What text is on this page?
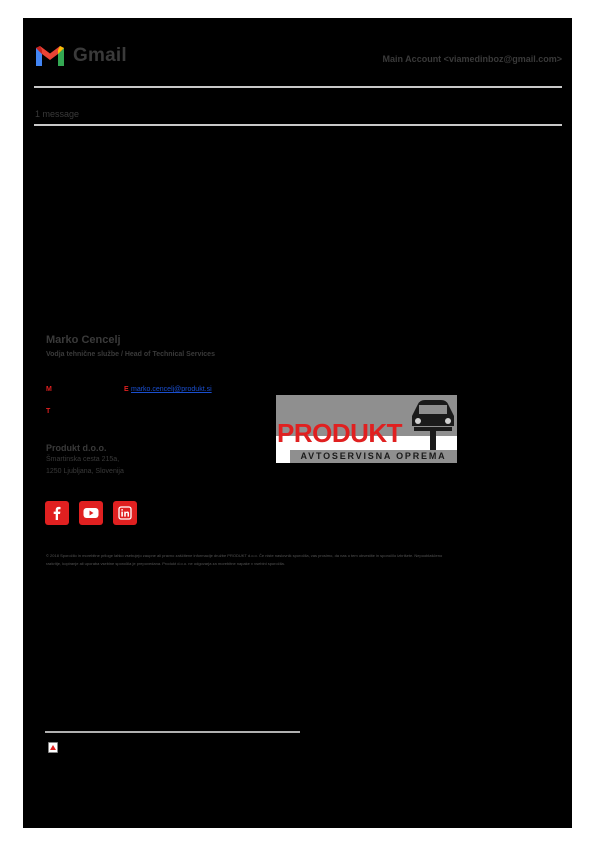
Gmail	Main Account <viamedinboz@gmail.com>
1 message
Marko Cencelj
Vodja tehnične službe / Head of Technical Services
M	E marko.cencelj@produkt.si
T
Produkt d.o.o.
Šmartinska cesta 215a,
1250 Ljubljana, Slovenija
PRODUKT
AVTOSERVISNA OPREMA
© 2018 Sporočilo in morebitne priloge lahko vsebujejo zaupne ali pravno zaščitene informacije družbe PRODUKT d.o.o. Če niste naslovnik sporočila, vas prosimo, da nas o tem obvestite in sporočilo izbrišete. Nepooblaščeno razkritje, kopiranje ali uporaba vsebine sporočila je prepovedana. Produkt d.o.o. ne odgovarja za morebitne napake v vsebini sporočila.
